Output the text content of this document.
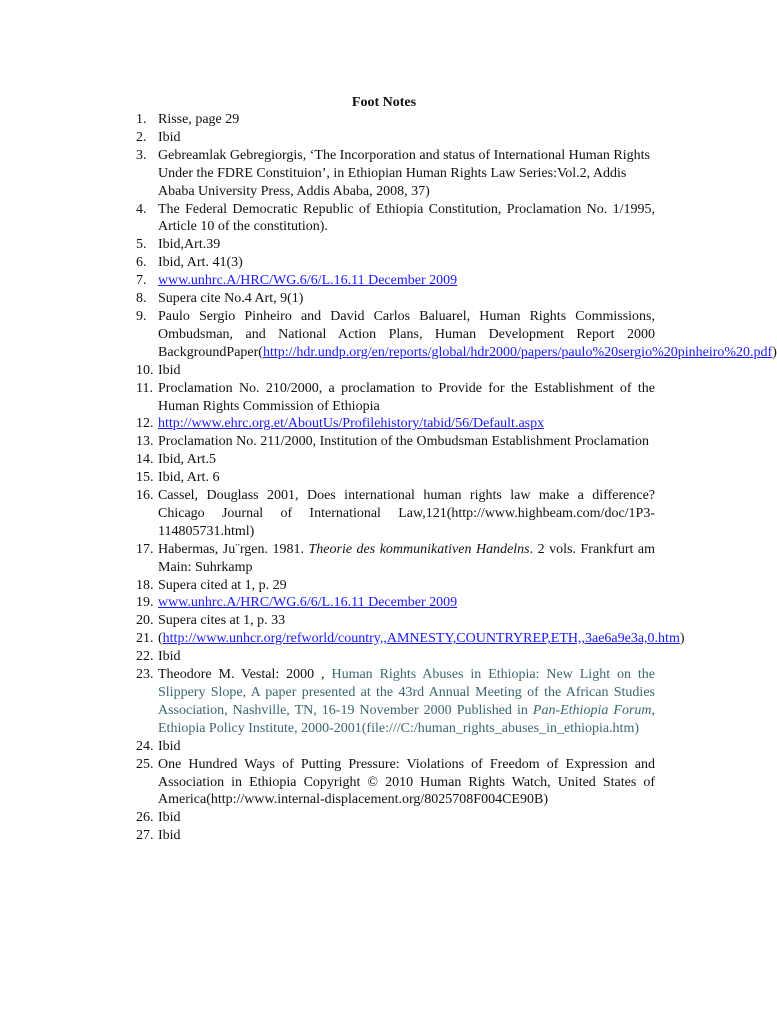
Foot Notes
1. Risse, page 29
2. Ibid
3. Gebreamlak Gebregiorgis, ‘The Incorporation and status of International Human Rights Under the FDRE Constituion’, in Ethiopian Human Rights Law Series:Vol.2, Addis Ababa University Press, Addis Ababa, 2008, 37)
4. The Federal Democratic Republic of Ethiopia Constitution, Proclamation No. 1/1995, Article 10 of the constitution).
5. Ibid,Art.39
6. Ibid, Art. 41(3)
7. www.unhrc.A/HRC/WG.6/6/L.16.11 December 2009
8. Supera cite No.4 Art, 9(1)
9. Paulo Sergio Pinheiro and David Carlos Baluarel, Human Rights Commissions, Ombudsman, and National Action Plans, Human Development Report 2000 BackgroundPaper(http://hdr.undp.org/en/reports/global/hdr2000/papers/paulo%20sergio%20pinheiro%20.pdf)
10. Ibid
11. Proclamation No. 210/2000, a proclamation to Provide for the Establishment of the Human Rights Commission of Ethiopia
12. http://www.ehrc.org.et/AboutUs/Profilehistory/tabid/56/Default.aspx
13. Proclamation No. 211/2000, Institution of the Ombudsman Establishment Proclamation
14. Ibid, Art.5
15. Ibid, Art. 6
16. Cassel, Douglass 2001, Does international human rights law make a difference? Chicago Journal of International Law,121(http://www.highbeam.com/doc/1P3-114805731.html)
17. Habermas, Ju¨rgen. 1981. Theorie des kommunikativen Handelns. 2 vols. Frankfurt am Main: Suhrkamp
18. Supera cited at 1, p. 29
19. www.unhrc.A/HRC/WG.6/6/L.16.11 December 2009
20. Supera cites at 1, p. 33
21. (http://www.unhcr.org/refworld/country,,AMNESTY,COUNTRYREP,ETH,,3ae6a9e3a,0.htm)
22. Ibid
23. Theodore M. Vestal: 2000 , Human Rights Abuses in Ethiopia: New Light on the Slippery Slope, A paper presented at the 43rd Annual Meeting of the African Studies Association, Nashville, TN, 16-19 November 2000 Published in Pan-Ethiopia Forum, Ethiopia Policy Institute, 2000-2001(file:///C:/human_rights_abuses_in_ethiopia.htm)
24. Ibid
25. One Hundred Ways of Putting Pressure: Violations of Freedom of Expression and Association in Ethiopia Copyright © 2010 Human Rights Watch, United States of America(http://www.internal-displacement.org/8025708F004CE90B)
26. Ibid
27. Ibid
